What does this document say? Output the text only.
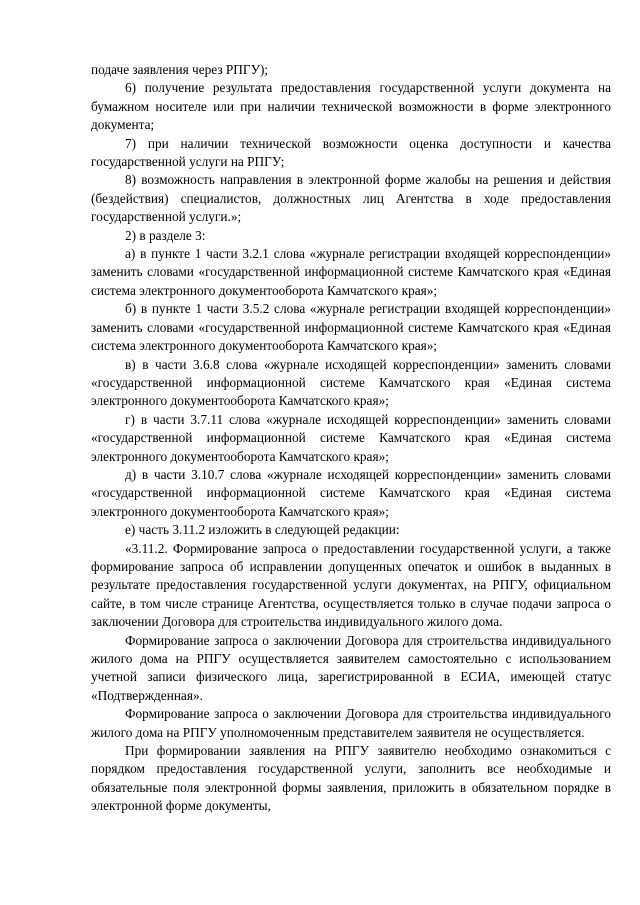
подаче заявления через РПГУ);

6) получение результата предоставления государственной услуги документа на бумажном носителе или при наличии технической возможности в форме электронного документа;

7) при наличии технической возможности оценка доступности и качества государственной услуги на РПГУ;

8) возможность направления в электронной форме жалобы на решения и действия (бездействия) специалистов, должностных лиц Агентства в ходе предоставления государственной услуги.»;

2) в разделе 3:

а) в пункте 1 части 3.2.1 слова «журнале регистрации входящей корреспонденции» заменить словами «государственной информационной системе Камчатского края «Единая система электронного документооборота Камчатского края»;

б) в пункте 1 части 3.5.2 слова «журнале регистрации входящей корреспонденции» заменить словами «государственной информационной системе Камчатского края «Единая система электронного документооборота Камчатского края»;

в) в части 3.6.8 слова «журнале исходящей корреспонденции» заменить словами «государственной информационной системе Камчатского края «Единая система электронного документооборота Камчатского края»;

г) в части 3.7.11 слова «журнале исходящей корреспонденции» заменить словами «государственной информационной системе Камчатского края «Единая система электронного документооборота Камчатского края»;

д) в части 3.10.7 слова «журнале исходящей корреспонденции» заменить словами «государственной информационной системе Камчатского края «Единая система электронного документооборота Камчатского края»;

е) часть 3.11.2 изложить в следующей редакции:

«3.11.2. Формирование запроса о предоставлении государственной услуги, а также формирование запроса об исправлении допущенных опечаток и ошибок в выданных в результате предоставления государственной услуги документах, на РПГУ, официальном сайте, в том числе странице Агентства, осуществляется только в случае подачи запроса о заключении Договора для строительства индивидуального жилого дома.

Формирование запроса о заключении Договора для строительства индивидуального жилого дома на РПГУ осуществляется заявителем самостоятельно с использованием учетной записи физического лица, зарегистрированной в ЕСИА, имеющей статус «Подтвержденная».

Формирование запроса о заключении Договора для строительства индивидуального жилого дома на РПГУ уполномоченным представителем заявителя не осуществляется.

При формировании заявления на РПГУ заявителю необходимо ознакомиться с порядком предоставления государственной услуги, заполнить все необходимые и обязательные поля электронной формы заявления, приложить в обязательном порядке в электронной форме документы,
